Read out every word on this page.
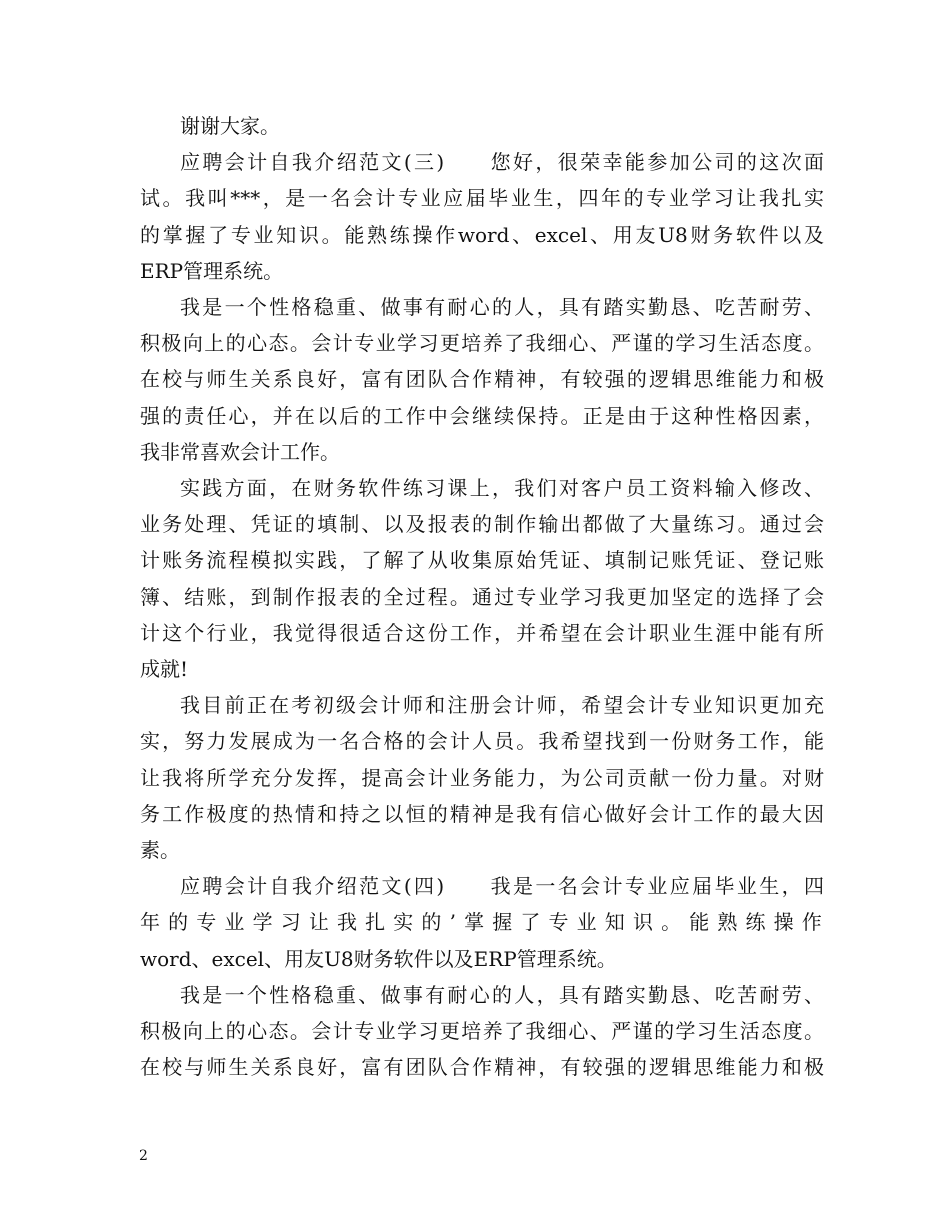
谢谢大家。

应聘会计自我介绍范文(三) 您好，很荣幸能参加公司的这次面
试。我叫***，是一名会计专业应届毕业生，四年的专业学习让我扎实
的掌握了专业知识。能熟练操作word、excel、用友U8财务软件以及
ERP管理系统。

我是一个性格稳重、做事有耐心的人，具有踏实勤恳、吃苦耐劳、
积极向上的心态。会计专业学习更培养了我细心、严谨的学习生活态度。
在校与师生关系良好，富有团队合作精神，有较强的逻辑思维能力和极
强的责任心，并在以后的工作中会继续保持。正是由于这种性格因素，
我非常喜欢会计工作。

实践方面，在财务软件练习课上，我们对客户员工资料输入修改、
业务处理、凭证的填制、以及报表的制作输出都做了大量练习。通过会
计账务流程模拟实践，了解了从收集原始凭证、填制记账凭证、登记账
簿、结账，到制作报表的全过程。通过专业学习我更加坚定的选择了会
计这个行业，我觉得很适合这份工作，并希望在会计职业生涯中能有所
成就!

我目前正在考初级会计师和注册会计师，希望会计专业知识更加充
实，努力发展成为一名合格的会计人员。我希望找到一份财务工作，能
让我将所学充分发挥，提高会计业务能力，为公司贡献一份力量。对财
务工作极度的热情和持之以恒的精神是我有信心做好会计工作的最大因
素。

应聘会计自我介绍范文(四) 我是一名会计专业应届毕业生，四
年的专业学习让我扎实的’掌握了专业知识。能熟练操作
word、excel、用友U8财务软件以及ERP管理系统。

我是一个性格稳重、做事有耐心的人，具有踏实勤恳、吃苦耐劳、
积极向上的心态。会计专业学习更培养了我细心、严谨的学习生活态度。
在校与师生关系良好，富有团队合作精神，有较强的逻辑思维能力和极

2
